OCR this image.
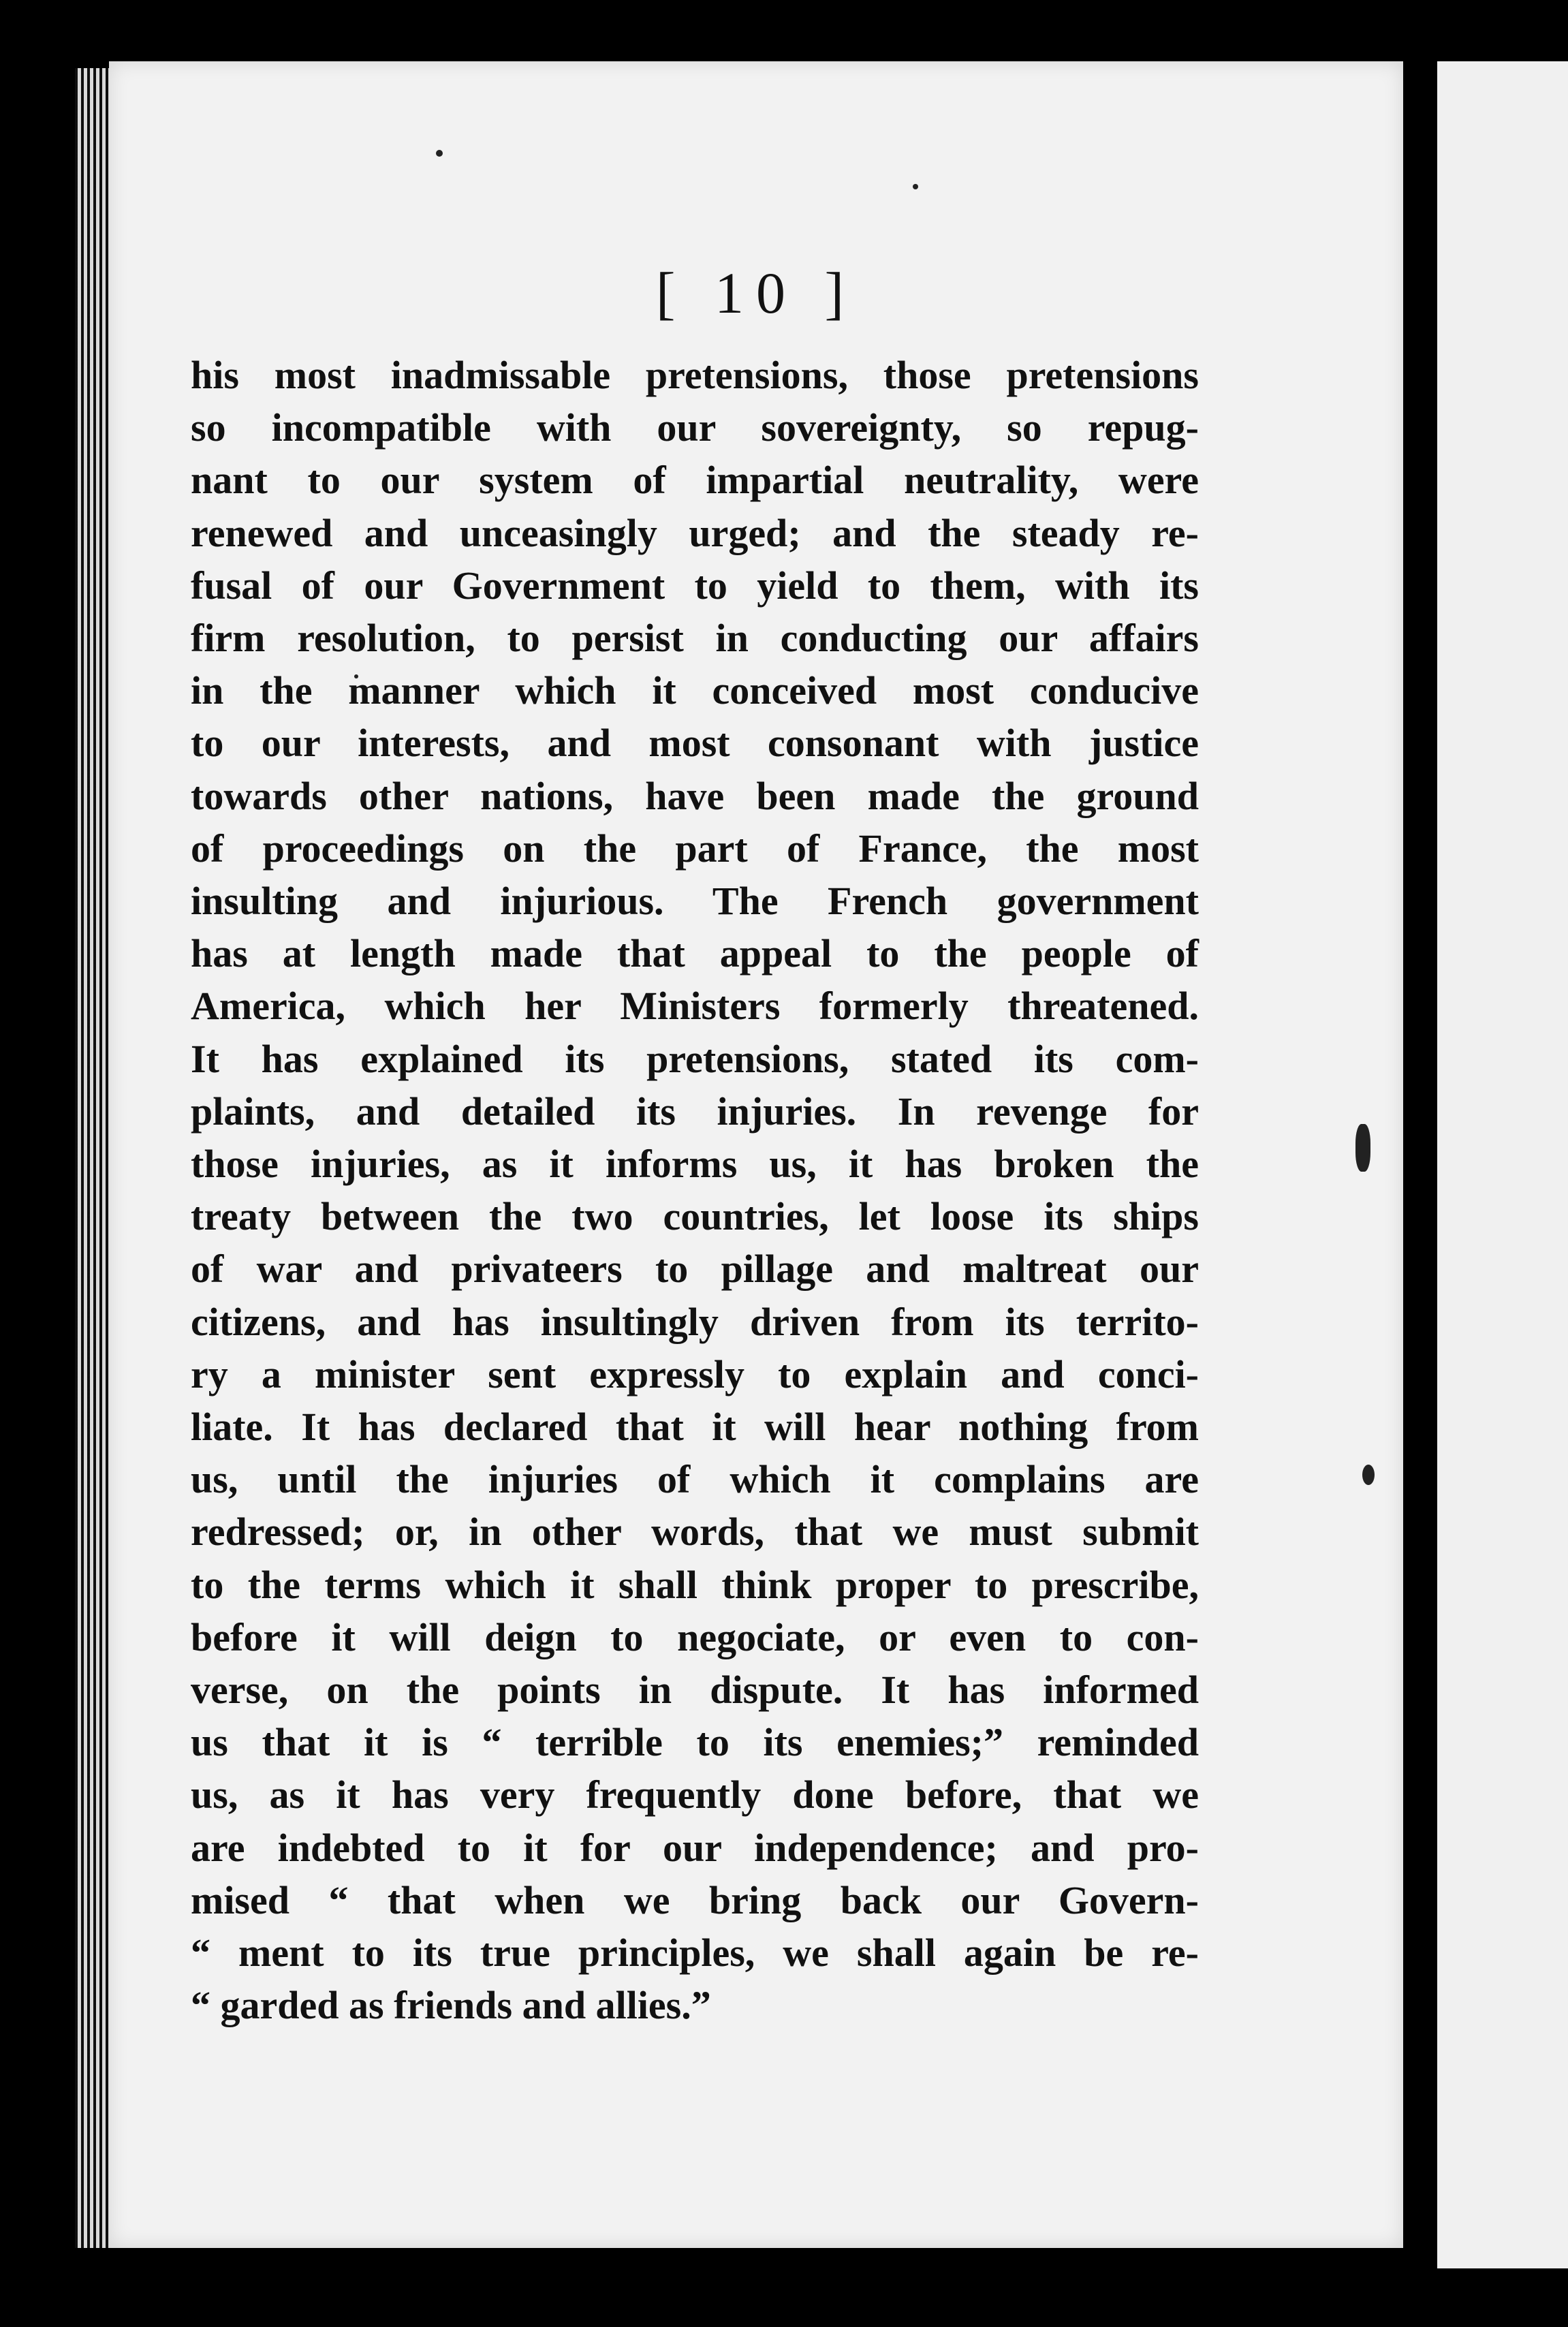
[ 10 ]
his most inadmissable pretensions, those pretensions
so incompatible with our sovereignty, so repug-
nant to our system of impartial neutrality, were
renewed and unceasingly urged; and the steady re-
fusal of our Government to yield to them, with its
firm resolution, to persist in conducting our affairs
in the manner which it conceived most conducive
to our interests, and most consonant with justice
towards other nations, have been made the ground
of proceedings on the part of France, the most
insulting and injurious. The French government
has at length made that appeal to the people of
America, which her Ministers formerly threatened.
It has explained its pretensions, stated its com-
plaints, and detailed its injuries. In revenge for
those injuries, as it informs us, it has broken the
treaty between the two countries, let loose its ships
of war and privateers to pillage and maltreat our
citizens, and has insultingly driven from its territo-
ry a minister sent expressly to explain and conci-
liate. It has declared that it will hear nothing from
us, until the injuries of which it complains are
redressed; or, in other words, that we must submit
to the terms which it shall think proper to prescribe,
before it will deign to negociate, or even to con-
verse, on the points in dispute. It has informed
us that it is “ terrible to its enemies;” reminded
us, as it has very frequently done before, that we
are indebted to it for our independence; and pro-
mised “ that when we bring back our Govern-
“ ment to its true principles, we shall again be re-
“ garded as friends and allies.”
